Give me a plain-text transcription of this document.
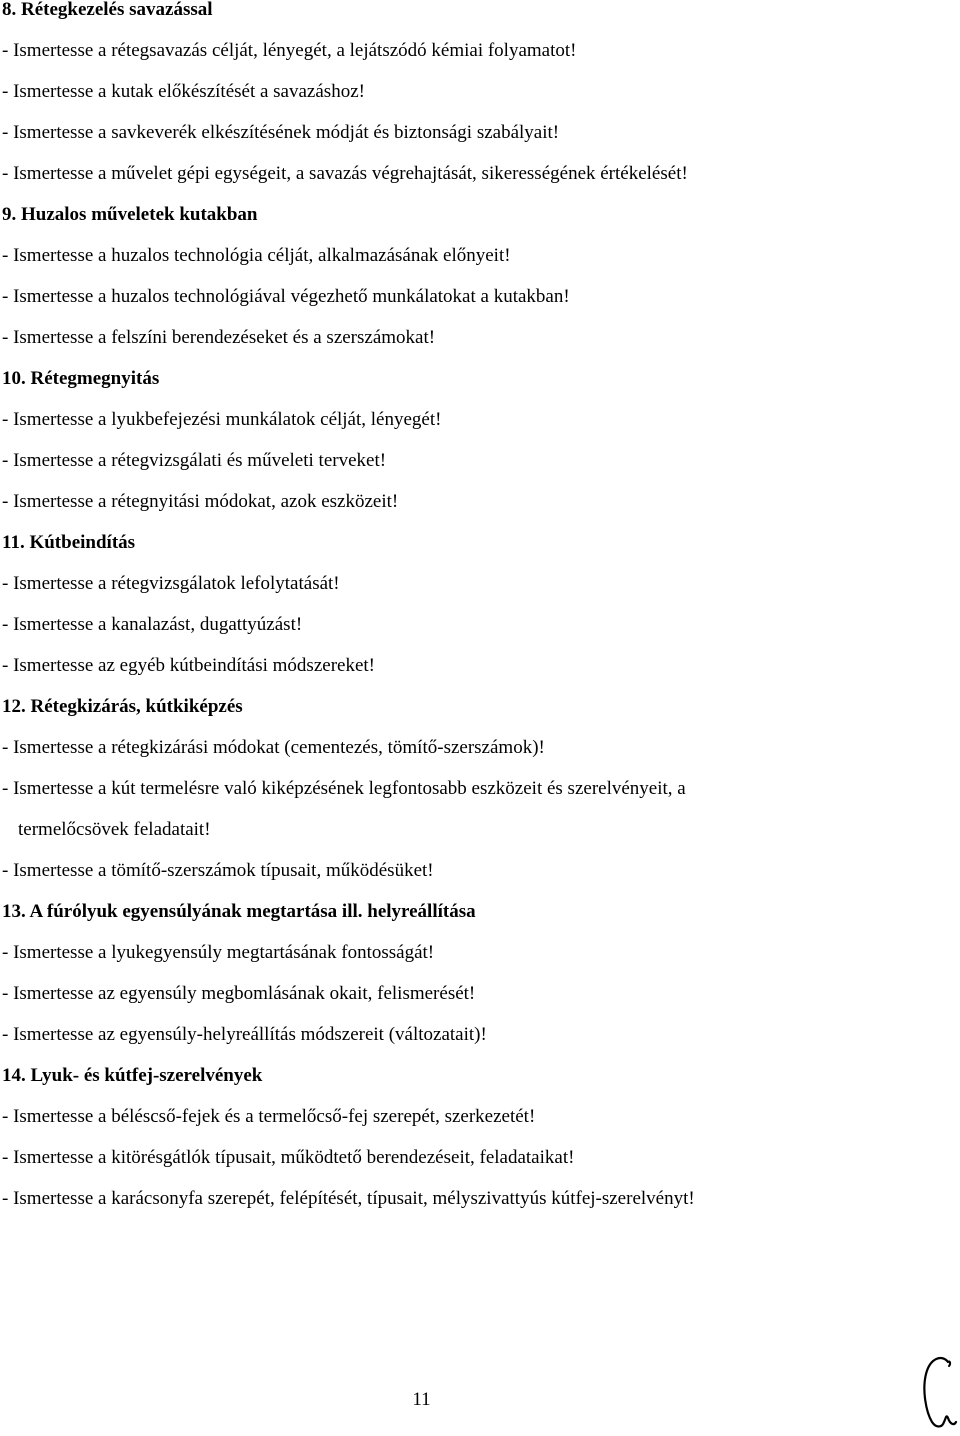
8. Rétegkezelés savazással
- Ismertesse a rétegsavazás célját, lényegét, a lejátszódó kémiai folyamatot!
- Ismertesse a kutak előkészítését a savazáshoz!
- Ismertesse a savkeverék elkészítésének módját és biztonsági szabályait!
- Ismertesse a művelet gépi egységeit, a savazás végrehajtását, sikerességének értékelését!
9. Huzalos műveletek kutakban
- Ismertesse a huzalos technológia célját, alkalmazásának előnyeit!
- Ismertesse a huzalos technológiával végezhető munkálatokat a kutakban!
- Ismertesse a felszíni berendezéseket és a szerszámokat!
10. Rétegmegnyitás
- Ismertesse a lyukbefejezési munkálatok célját, lényegét!
- Ismertesse a rétegvizsgálati és műveleti terveket!
- Ismertesse a rétegnyitási módokat, azok eszközeit!
11. Kútbeindítás
- Ismertesse a rétegvizsgálatok lefolytatását!
- Ismertesse a kanalazást, dugattyúzást!
- Ismertesse az egyéb kútbeindítási módszereket!
12. Rétegkizárás, kútkiképzés
- Ismertesse a rétegkizárási módokat (cementezés, tömítő-szerszámok)!
- Ismertesse a kút termelésre való kiképzésének legfontosabb eszközeit és szerelvényeit, a
termelőcsövek feladatait!
- Ismertesse a tömítő-szerszámok típusait, működésüket!
13. A fúrólyuk egyensúlyának megtartása ill. helyreállítása
- Ismertesse a lyukegyensúly megtartásának fontosságát!
- Ismertesse az egyensúly megbomlásának okait, felismerését!
- Ismertesse az egyensúly-helyreállítás módszereit (változatait)!
14. Lyuk- és kútfej-szerelvények
- Ismertesse a béléscső-fejek és a termelőcső-fej szerepét, szerkezetét!
- Ismertesse a kitörésgátlók típusait, működtető berendezéseit, feladataikat!
- Ismertesse a karácsonyfa szerepét, felépítését, típusait, mélyszivattyús kútfej-szerelvényt!
11
